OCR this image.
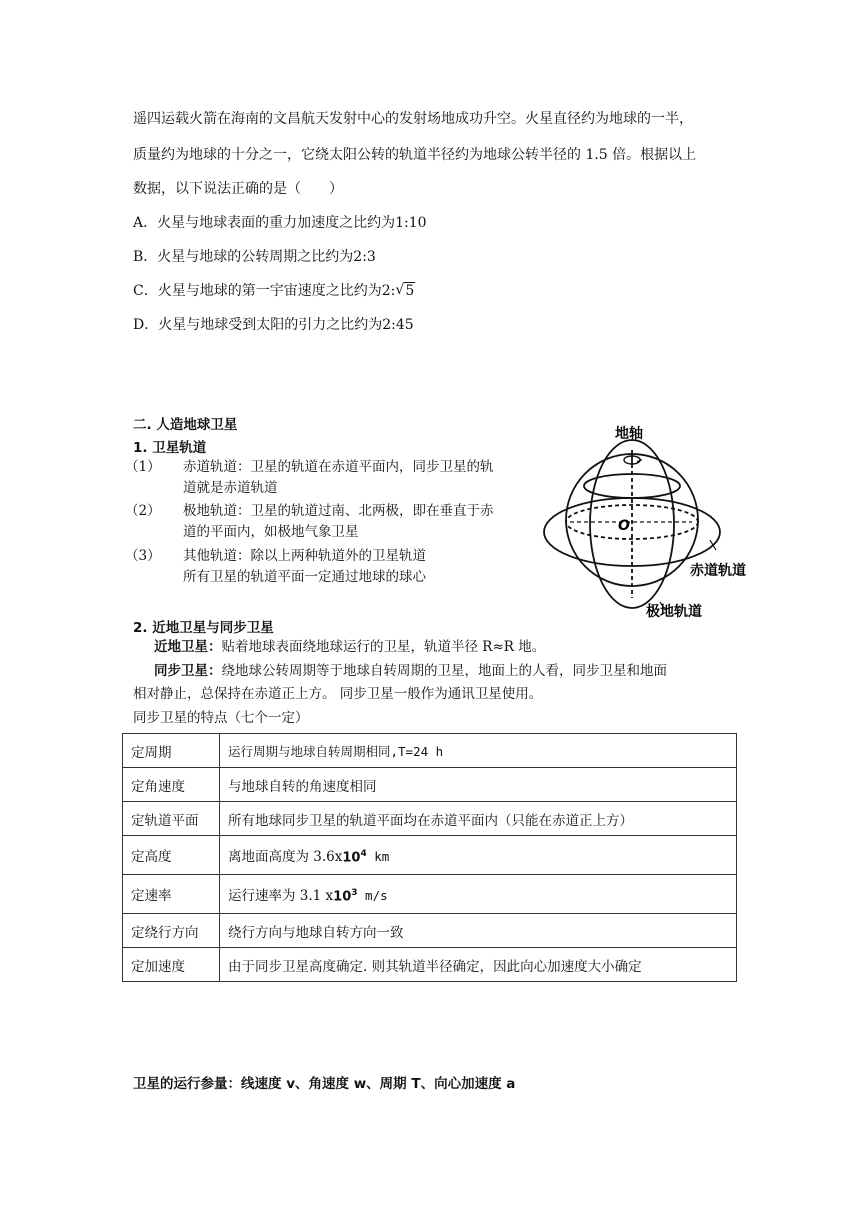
遥四运载火箭在海南的文昌航天发射中心的发射场地成功升空。火星直径约为地球的一半，
质量约为地球的十分之一，它绕太阳公转的轨道半径约为地球公转半径的 1.5 倍。根据以上
数据，以下说法正确的是（　　）
A．火星与地球表面的重力加速度之比约为1:10
B．火星与地球的公转周期之比约为2:3
C．火星与地球的第一宇宙速度之比约为2: √ 5
D．火星与地球受到太阳的引力之比约为2:45
二. 人造地球卫星
1. 卫星轨道
（1） 赤道轨道：卫星的轨道在赤道平面内，同步卫星的轨
道就是赤道轨道
（2） 极地轨道：卫星的轨道过南、北两极，即在垂直于赤
道的平面内，如极地气象卫星
（3） 其他轨道：除以上两种轨道外的卫星轨道
所有卫星的轨道平面一定通过地球的球心
地轴
O
赤道轨道
极地轨道
2. 近地卫星与同步卫星
近地卫星：贴着地球表面绕地球运行的卫星，轨道半径 R≈R 地。
同步卫星：绕地球公转周期等于地球自转周期的卫星，地面上的人看，同步卫星和地面
相对静止，总保持在赤道正上方。 同步卫星一般作为通讯卫星使用。
同步卫星的特点（七个一定）
定周期	运行周期与地球自转周期相同,T=24 h
定角速度	与地球自转的角速度相同
定轨道平面	所有地球同步卫星的轨道平面均在赤道平面内（只能在赤道正上方）
定高度	离地面高度为 $3.6x10^4$ km
定速率	运行速率为 3.1 $x10^3$ m/s
定绕行方向	绕行方向与地球自转方向一致
定加速度	由于同步卫星高度确定. 则其轨道半径确定，因此向心加速度大小确定
卫星的运行参量：线速度 v、角速度 w、周期 T、向心加速度 a
